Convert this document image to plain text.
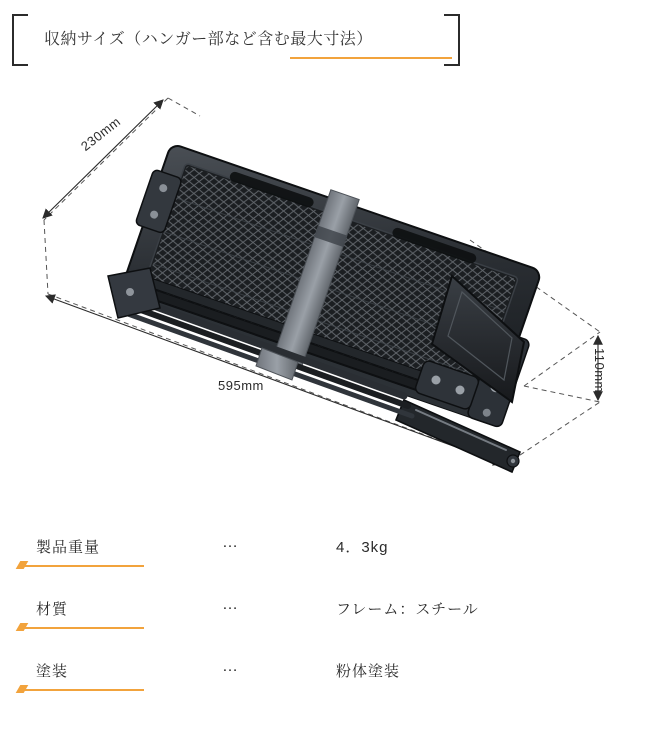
収納サイズ（ハンガー部など含む最大寸法）
230mm
595mm	110mm
製品重量	…	4．3kg
材質	…	フレーム：スチール
塗装	…	粉体塗装
